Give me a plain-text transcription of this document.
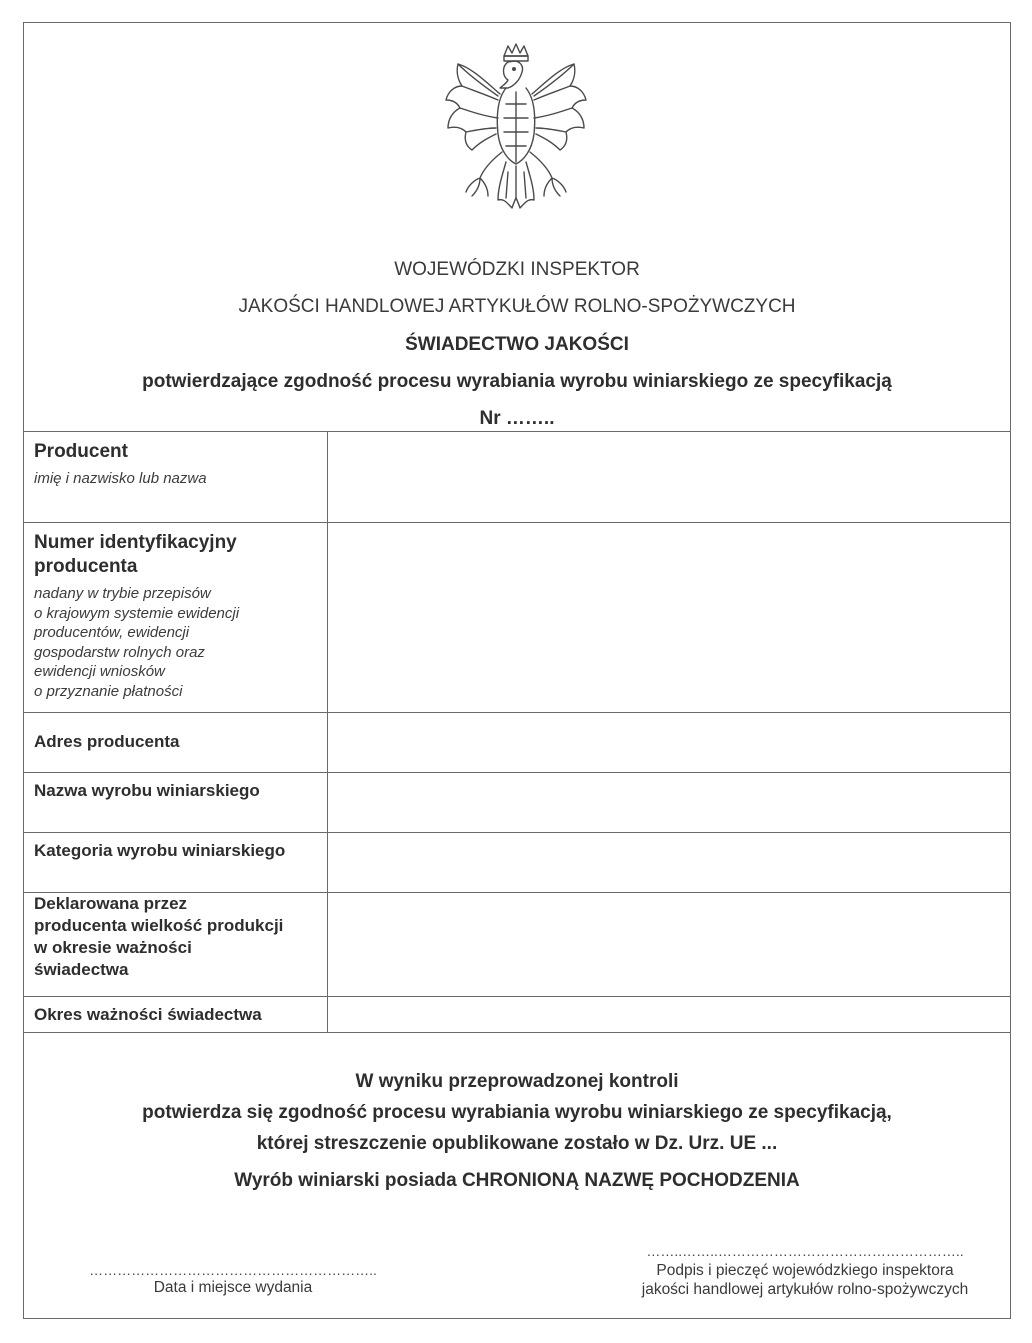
WOJEWÓDZKI INSPEKTOR
JAKOŚCI HANDLOWEJ ARTYKUŁÓW ROLNO-SPOŻYWCZYCH
ŚWIADECTWO JAKOŚCI
potwierdzające zgodność procesu wyrabiania wyrobu winiarskiego ze specyfikacją
Nr ……..
Producent
imię i nazwisko lub nazwa
Numer identyfikacyjny
producenta
nadany w trybie przepisów
o krajowym systemie ewidencji
producentów, ewidencji
gospodarstw rolnych oraz
ewidencji wniosków
o przyznanie płatności
Adres producenta
Nazwa wyrobu winiarskiego
Kategoria wyrobu winiarskiego
Deklarowana przez
producenta wielkość produkcji
w okresie ważności
świadectwa
Okres ważności świadectwa
W wyniku przeprowadzonej kontroli
potwierdza się zgodność procesu wyrabiania wyrobu winiarskiego ze specyfikacją,
której streszczenie opublikowane zostało w Dz. Urz. UE ...
Wyrób winiarski posiada CHRONIONĄ NAZWĘ POCHODZENIA
……………………………………………………..
Data i miejsce wydania
……..……..……………………………………………..
Podpis i pieczęć wojewódzkiego inspektora
jakości handlowej artykułów rolno-spożywczych
